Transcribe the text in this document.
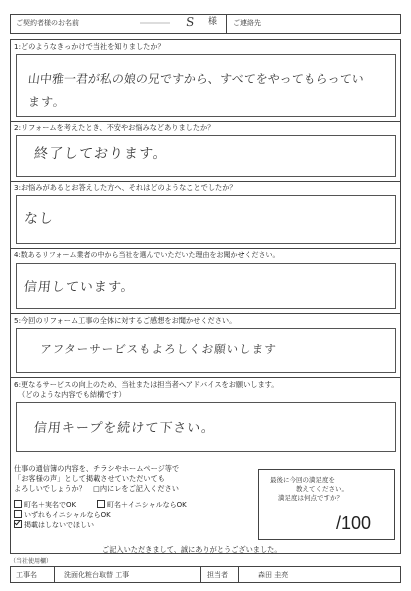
ご契約者様のお名前	S 様 ご連絡先
1:どのようなきっかけで当社を知りましたか？
山中雅一君が私の娘の兄ですから、すべてをやってもらってい
ます。
2:リフォームを考えたとき、不安やお悩みなどありましたか？
終了しております。
3:お悩みがあるとお答えした方へ、それはどのようなことでしたか？
なし
4:数あるリフォーム業者の中から当社を選んでいただいた理由をお聞かせください。
信用しています。
5:今回のリフォーム工事の全体に対するご感想をお聞かせください。
アフターサービスもよろしくお願いします
6:更なるサービスの向上のため、当社または担当者へアドバイスをお願いします。
（どのような内容でも結構です）
信用キープを続けて下さい。
仕事の通信簿の内容を、チラシやホームページ等で
「お客様の声」として掲載させていただいても
よろしいでしょうか？　□内にレをご記入ください
町名＋実名でOK	町名＋イニシャルならOK
いずれもイニシャルならOK
掲載はしないでほしい
最後に今回の満足度を
教えてください。
満足度は何点ですか？
/100
ご記入いただきまして、誠にありがとうございました。
（当社使用欄）
工事名	洗面化粧台取替 工事	担当者	森田 圭亮
